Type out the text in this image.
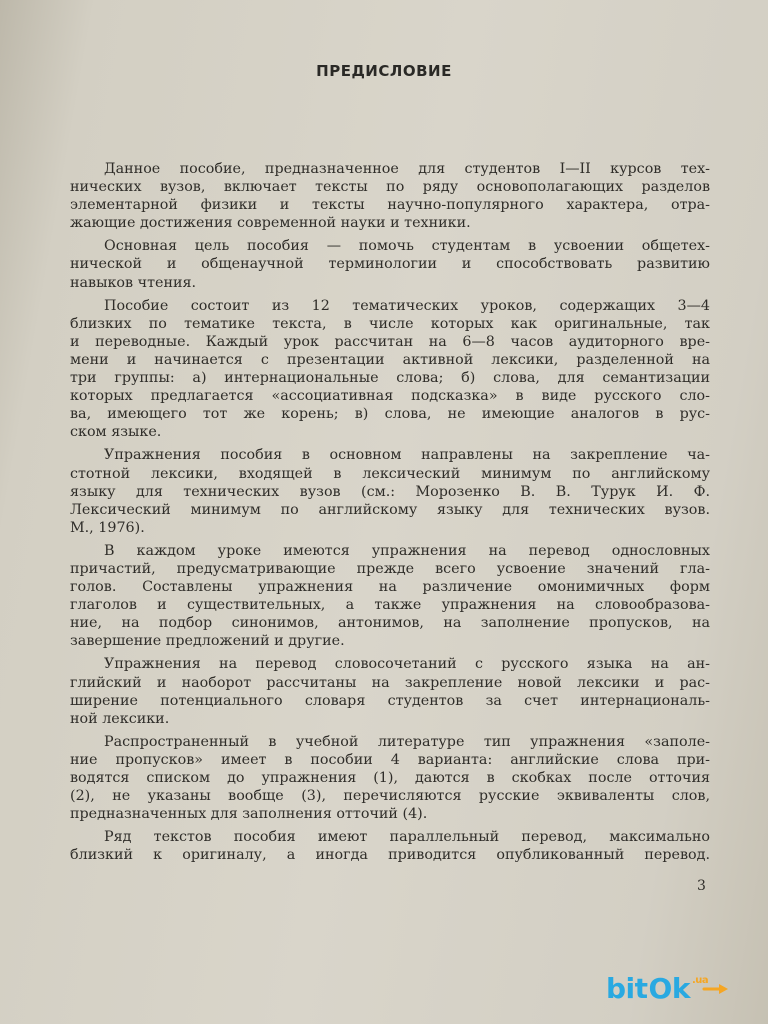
ПРЕДИСЛОВИЕ
Данное пособие, предназначенное для студентов I—II курсов тех-
нических вузов, включает тексты по ряду основополагающих разделов
элементарной физики и тексты научно-популярного характера, отра-
жающие достижения современной науки и техники.
Основная цель пособия — помочь студентам в усвоении общетех-
нической и общенаучной терминологии и способствовать развитию
навыков чтения.
Пособие состоит из 12 тематических уроков, содержащих 3—4
близких по тематике текста, в числе которых как оригинальные, так
и переводные. Каждый урок рассчитан на 6—8 часов аудиторного вре-
мени и начинается с презентации активной лексики, разделенной на
три группы: а) интернациональные слова; б) слова, для семантизации
которых предлагается «ассоциативная подсказка» в виде русского сло-
ва, имеющего тот же корень; в) слова, не имеющие аналогов в рус-
ском языке.
Упражнения пособия в основном направлены на закрепление ча-
стотной лексики, входящей в лексический минимум по английскому
языку для технических вузов (см.: Морозенко В. В. Турук И. Ф.
Лексический минимум по английскому языку для технических вузов.
М., 1976).
В каждом уроке имеются упражнения на перевод однословных
причастий, предусматривающие прежде всего усвоение значений гла-
голов. Составлены упражнения на различение омонимичных форм
глаголов и существительных, а также упражнения на словообразова-
ние, на подбор синонимов, антонимов, на заполнение пропусков, на
завершение предложений и другие.
Упражнения на перевод словосочетаний с русского языка на ан-
глийский и наоборот рассчитаны на закрепление новой лексики и рас-
ширение потенциального словаря студентов за счет интернациональ-
ной лексики.
Распространенный в учебной литературе тип упражнения «заполе-
ние пропусков» имеет в пособии 4 варианта: английские слова при-
водятся списком до упражнения (1), даются в скобках после отточия
(2), не указаны вообще (3), перечисляются русские эквиваленты слов,
предназначенных для заполнения отточий (4).
Ряд текстов пособия имеют параллельный перевод, максимально
близкий к оригиналу, а иногда приводится опубликованный перевод.
3
bit Ok .ua
